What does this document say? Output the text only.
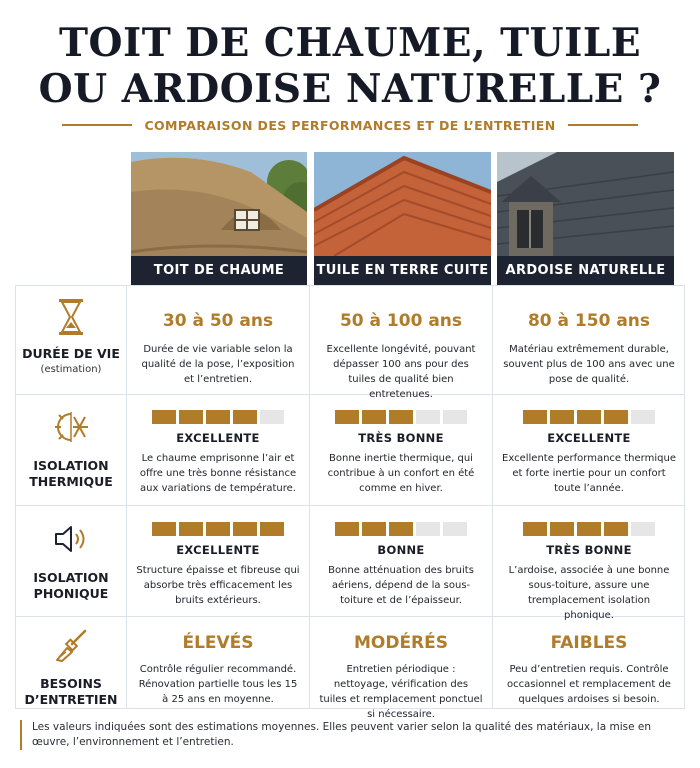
TOIT DE CHAUME, TUILE
OU ARDOISE NATURELLE ?
COMPARAISON DES PERFORMANCES ET DE L’ENTRETIEN
TOIT DE CHAUME	TUILE EN TERRE CUITE	ARDOISE NATURELLE
DURÉE DE VIE
(estimation)
30 à 50 ans
Durée de vie variable selon la qualité de la pose, l’exposition et l’entretien.
50 à 100 ans
Excellente longévité, pouvant dépasser 100 ans pour des tuiles de qualité bien entretenues.
80 à 150 ans
Matériau extrêmement durable, souvent plus de 100 ans avec une pose de qualité.
ISOLATION
THERMIQUE
EXCELLENTE
Le chaume emprisonne l’air et offre une très bonne résistance aux variations de température.
TRÈS BONNE
Bonne inertie thermique, qui contribue à un confort en été comme en hiver.
EXCELLENTE
Excellente performance thermique et forte inertie pour un confort toute l’année.
ISOLATION
PHONIQUE
EXCELLENTE
Structure épaisse et fibreuse qui absorbe très efficacement les bruits extérieurs.
BONNE
Bonne atténuation des bruits aériens, dépend de la sous-toiture et de l’épaisseur.
TRÈS BONNE
L’ardoise, associée à une bonne sous-toiture, assure une tremplacement isolation phonique.
BESOINS
D’ENTRETIEN
ÉLEVÉS
Contrôle régulier recommandé. Rénovation partielle tous les 15 à 25 ans en moyenne.
MODÉRÉS
Entretien périodique : nettoyage, vérification des tuiles et remplacement ponctuel si nécessaire.
FAIBLES
Peu d’entretien requis. Contrôle occasionnel et remplacement de quelques ardoises si besoin.
Les valeurs indiquées sont des estimations moyennes. Elles peuvent varier selon la qualité des matériaux, la mise en œuvre, l’environnement et l’entretien.
